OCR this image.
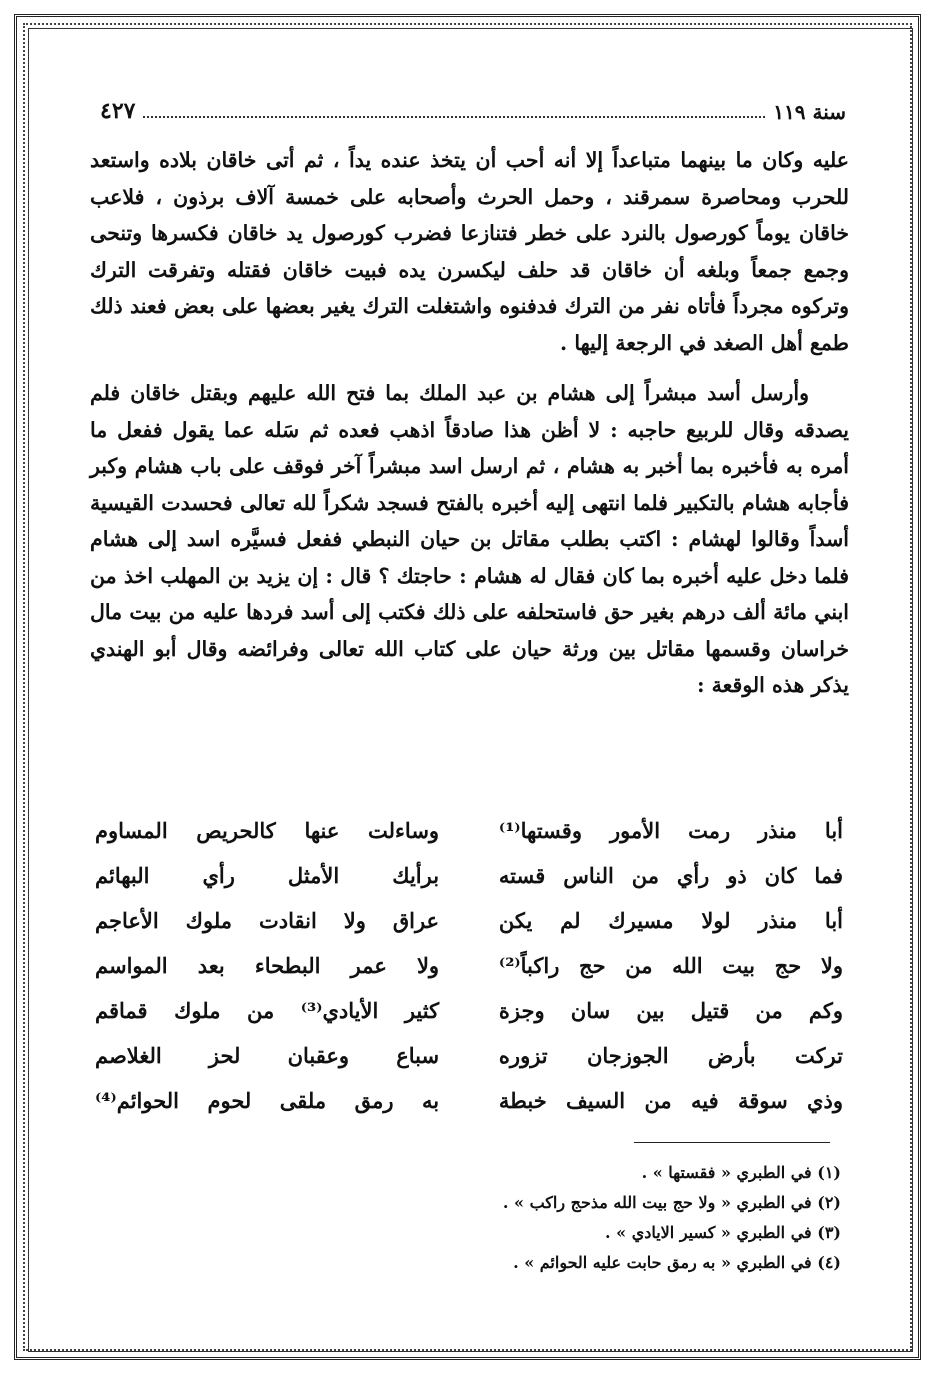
سنة ١١٩
٤٢٧

عليه وكان ما بينهما متباعداً إلا أنه أحب أن يتخذ عنده يداً ، ثم أتى خاقان بلاده واستعد للحرب ومحاصرة سمرقند ، وحمل الحرث وأصحابه على خمسة آلاف برذون ، فلاعب خاقان يوماً كورصول بالنرد على خطر فتنازعا فضرب كورصول يد خاقان فكسرها وتنحى وجمع جمعاً وبلغه أن خاقان قد حلف ليكسرن يده فبيت خاقان فقتله وتفرقت الترك وتركوه مجرداً فأتاه نفر من الترك فدفنوه واشتغلت الترك يغير بعضها على بعض فعند ذلك طمع أهل الصغد في الرجعة إليها .

وأرسل أسد مبشراً إلى هشام بن عبد الملك بما فتح الله عليهم وبقتل خاقان فلم يصدقه وقال للربيع حاجبه : لا أظن هذا صادقاً اذهب فعده ثم سَله عما يقول ففعل ما أمره به فأخبره بما أخبر به هشام ، ثم ارسل اسد مبشراً آخر فوقف على باب هشام وكبر فأجابه هشام بالتكبير فلما انتهى إليه أخبره بالفتح فسجد شكراً لله تعالى فحسدت القيسية أسداً وقالوا لهشام : اكتب بطلب مقاتل بن حيان النبطي ففعل فسيَّره اسد إلى هشام فلما دخل عليه أخبره بما كان فقال له هشام : حاجتك ؟ قال : إن يزيد بن المهلب اخذ من ابني مائة ألف درهم بغير حق فاستحلفه على ذلك فكتب إلى أسد فردها عليه من بيت مال خراسان وقسمها مقاتل بين ورثة حيان على كتاب الله تعالى وفرائضه وقال أبو الهندي يذكر هذه الوقعة :

أبا منذر رمت الأمور وقستها⁽¹⁾
وساءلت عنها كالحريص المساوم
فما كان ذو رأي من الناس قسته
برأيك الأمثل رأي البهائم
أبا منذر لولا مسيرك لم يكن
عراق ولا انقادت ملوك الأعاجم
ولا حج بيت الله من حج راكباً⁽²⁾
ولا عمر البطحاء بعد المواسم
وكم من قتيل بين سان وجزة
كثير الأيادي⁽³⁾ من ملوك قماقم
تركت بأرض الجوزجان تزوره
سباع وعقبان لحز الغلاصم
وذي سوقة فيه من السيف خبطة
به رمق ملقى لحوم الحوائم⁽⁴⁾
(١) في الطبري « فقستها » .
(٢) في الطبري « ولا حج بيت الله مذحج راكب » .
(٣) في الطبري « كسير الايادي » .
(٤) في الطبري « به رمق حابت عليه الحوائم » .
